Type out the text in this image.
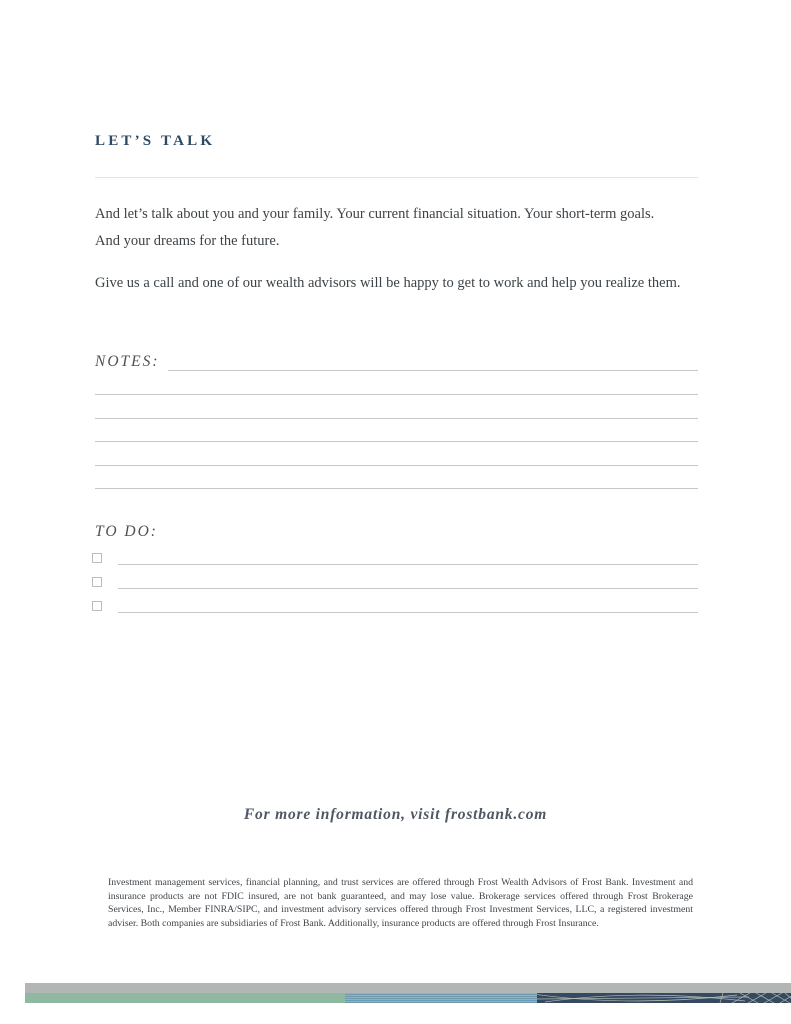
LET’S TALK
And let’s talk about you and your family. Your current financial situation. Your short-term goals.
And your dreams for the future.
Give us a call and one of our wealth advisors will be happy to get to work and help you realize them.
NOTES:
TO DO:
For more information, visit frostbank.com
Investment management services, financial planning, and trust services are offered through Frost Wealth Advisors of Frost Bank. Investment and insurance products are not FDIC insured, are not bank guaranteed, and may lose value. Brokerage services offered through Frost Brokerage Services, Inc., Member FINRA/SIPC, and investment advisory services offered through Frost Investment Services, LLC, a registered investment adviser. Both companies are subsidiaries of Frost Bank. Additionally, insurance products are offered through Frost Insurance.
